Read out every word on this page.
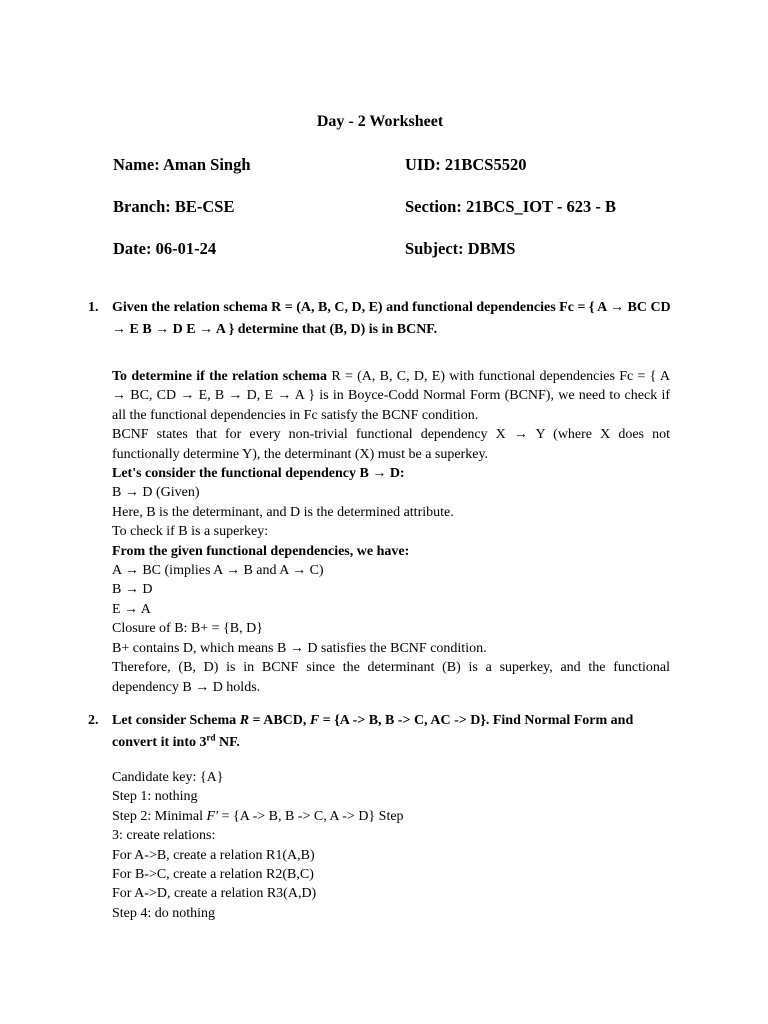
Day - 2 Worksheet
Name: Aman Singh	UID: 21BCS5520
Branch: BE-CSE	Section: 21BCS_IOT - 623 - B
Date: 06-01-24	Subject: DBMS
1. Given the relation schema R = (A, B, C, D, E) and functional dependencies Fc = { A → BC CD → E B → D E → A } determine that (B, D) is in BCNF.

To determine if the relation schema R = (A, B, C, D, E) with functional dependencies Fc = { A → BC, CD → E, B → D, E → A } is in Boyce-Codd Normal Form (BCNF), we need to check if all the functional dependencies in Fc satisfy the BCNF condition.

BCNF states that for every non-trivial functional dependency X → Y (where X does not functionally determine Y), the determinant (X) must be a superkey.

Let's consider the functional dependency B → D:

B → D (Given)

Here, B is the determinant, and D is the determined attribute.

To check if B is a superkey:

From the given functional dependencies, we have:

A → BC (implies A → B and A → C)

B → D

E → A

Closure of B: B+ = {B, D}

B+ contains D, which means B → D satisfies the BCNF condition.

Therefore, (B, D) is in BCNF since the determinant (B) is a superkey, and the functional dependency B → D holds.

2. Let consider Schema R = ABCD, F = {A -> B, B -> C, AC -> D}. Find Normal Form and convert it into 3rd NF.

Candidate key: {A}

Step 1: nothing

Step 2: Minimal F′ = {A -> B, B -> C, A -> D} Step

3: create relations:

For A->B, create a relation R1(A,B)

For B->C, create a relation R2(B,C)

For A->D, create a relation R3(A,D)

Step 4: do nothing
